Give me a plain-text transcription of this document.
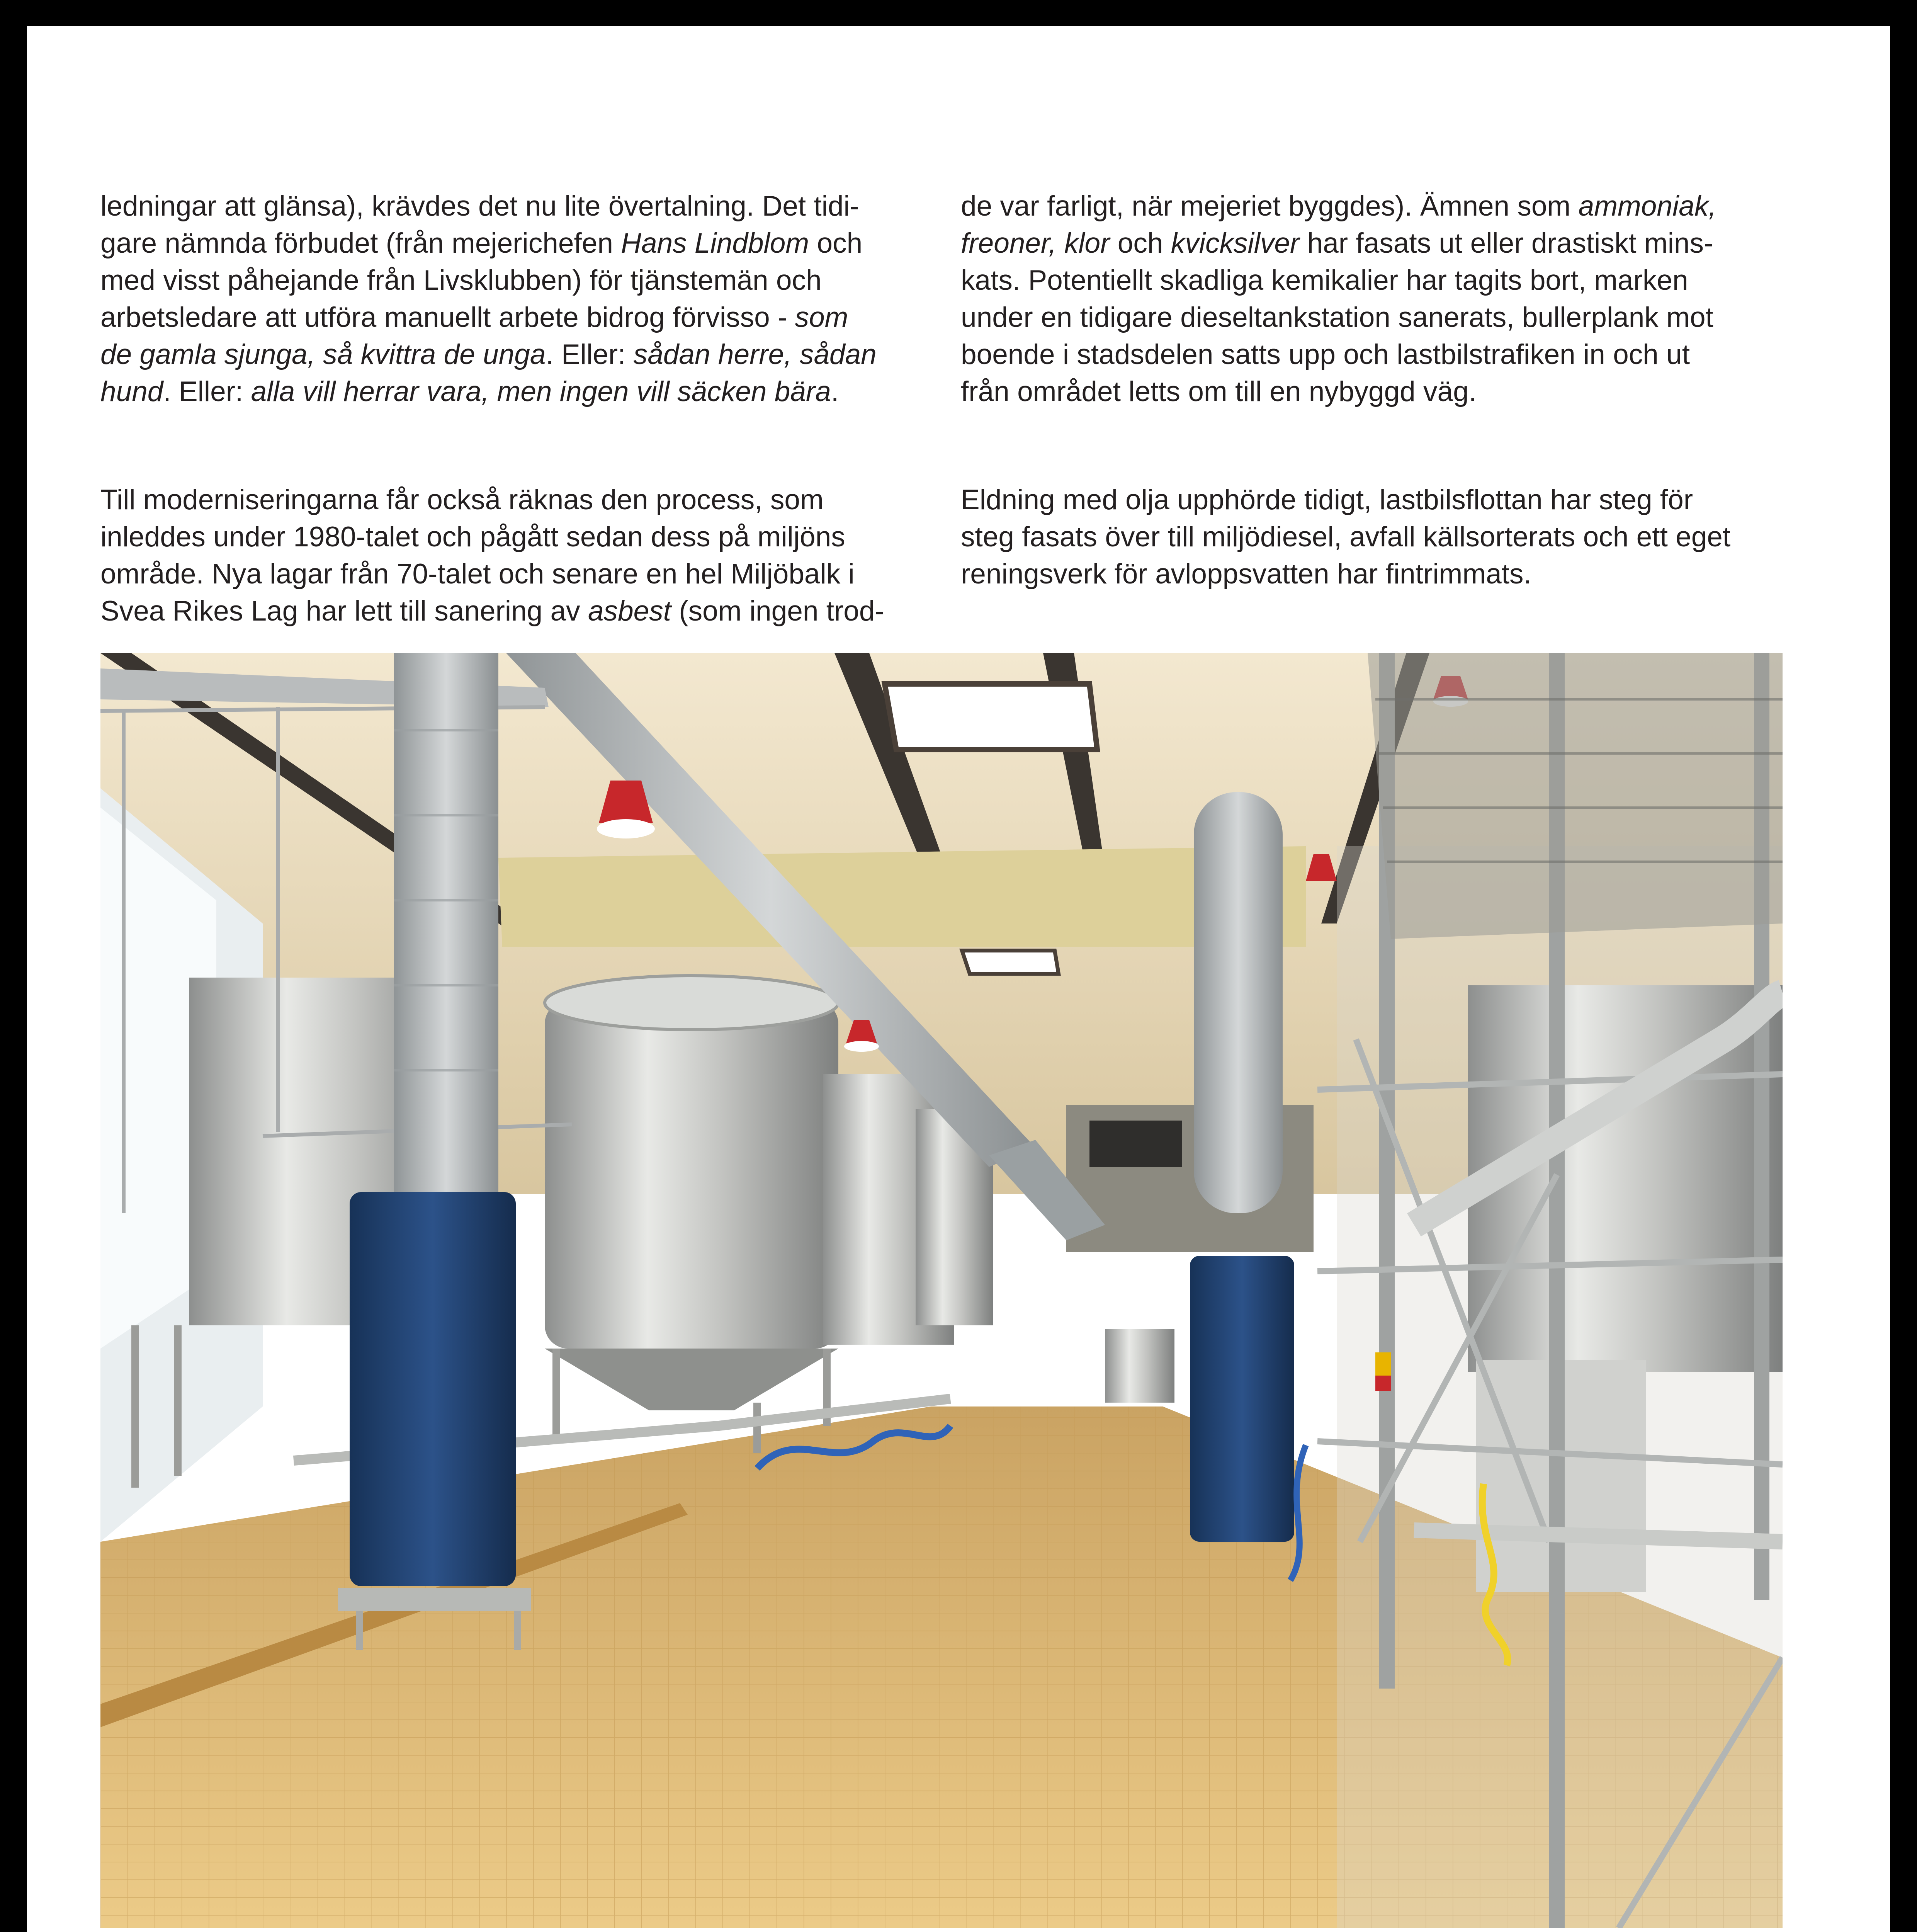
ledningar att glänsa), krävdes det nu lite övertalning. Det tidi-
gare nämnda förbudet (från mejerichefen Hans Lindblom och
med visst påhejande från Livsklubben) för tjänstemän och
arbetsledare att utföra manuellt arbete bidrog förvisso - som
de gamla sjunga, så kvittra de unga. Eller: sådan herre, sådan
hund. Eller: alla vill herrar vara, men ingen vill säcken bära.

de var farligt, när mejeriet byggdes). Ämnen som ammoniak,
freoner, klor och kvicksilver har fasats ut eller drastiskt mins-
kats. Potentiellt skadliga kemikalier har tagits bort, marken
under en tidigare dieseltankstation sanerats, bullerplank mot
boende i stadsdelen satts upp och lastbilstrafiken in och ut
från området letts om till en nybyggd väg.

Till moderniseringarna får också räknas den process, som
inleddes under 1980-talet och pågått sedan dess på miljöns
område. Nya lagar från 70-talet och senare en hel Miljöbalk i
Svea Rikes Lag har lett till sanering av asbest (som ingen trod-

Eldning med olja upphörde tidigt, lastbilsflottan har steg för
steg fasats över till miljödiesel, avfall källsorterats och ett eget
reningsverk för avloppsvatten har fintrimmats.
